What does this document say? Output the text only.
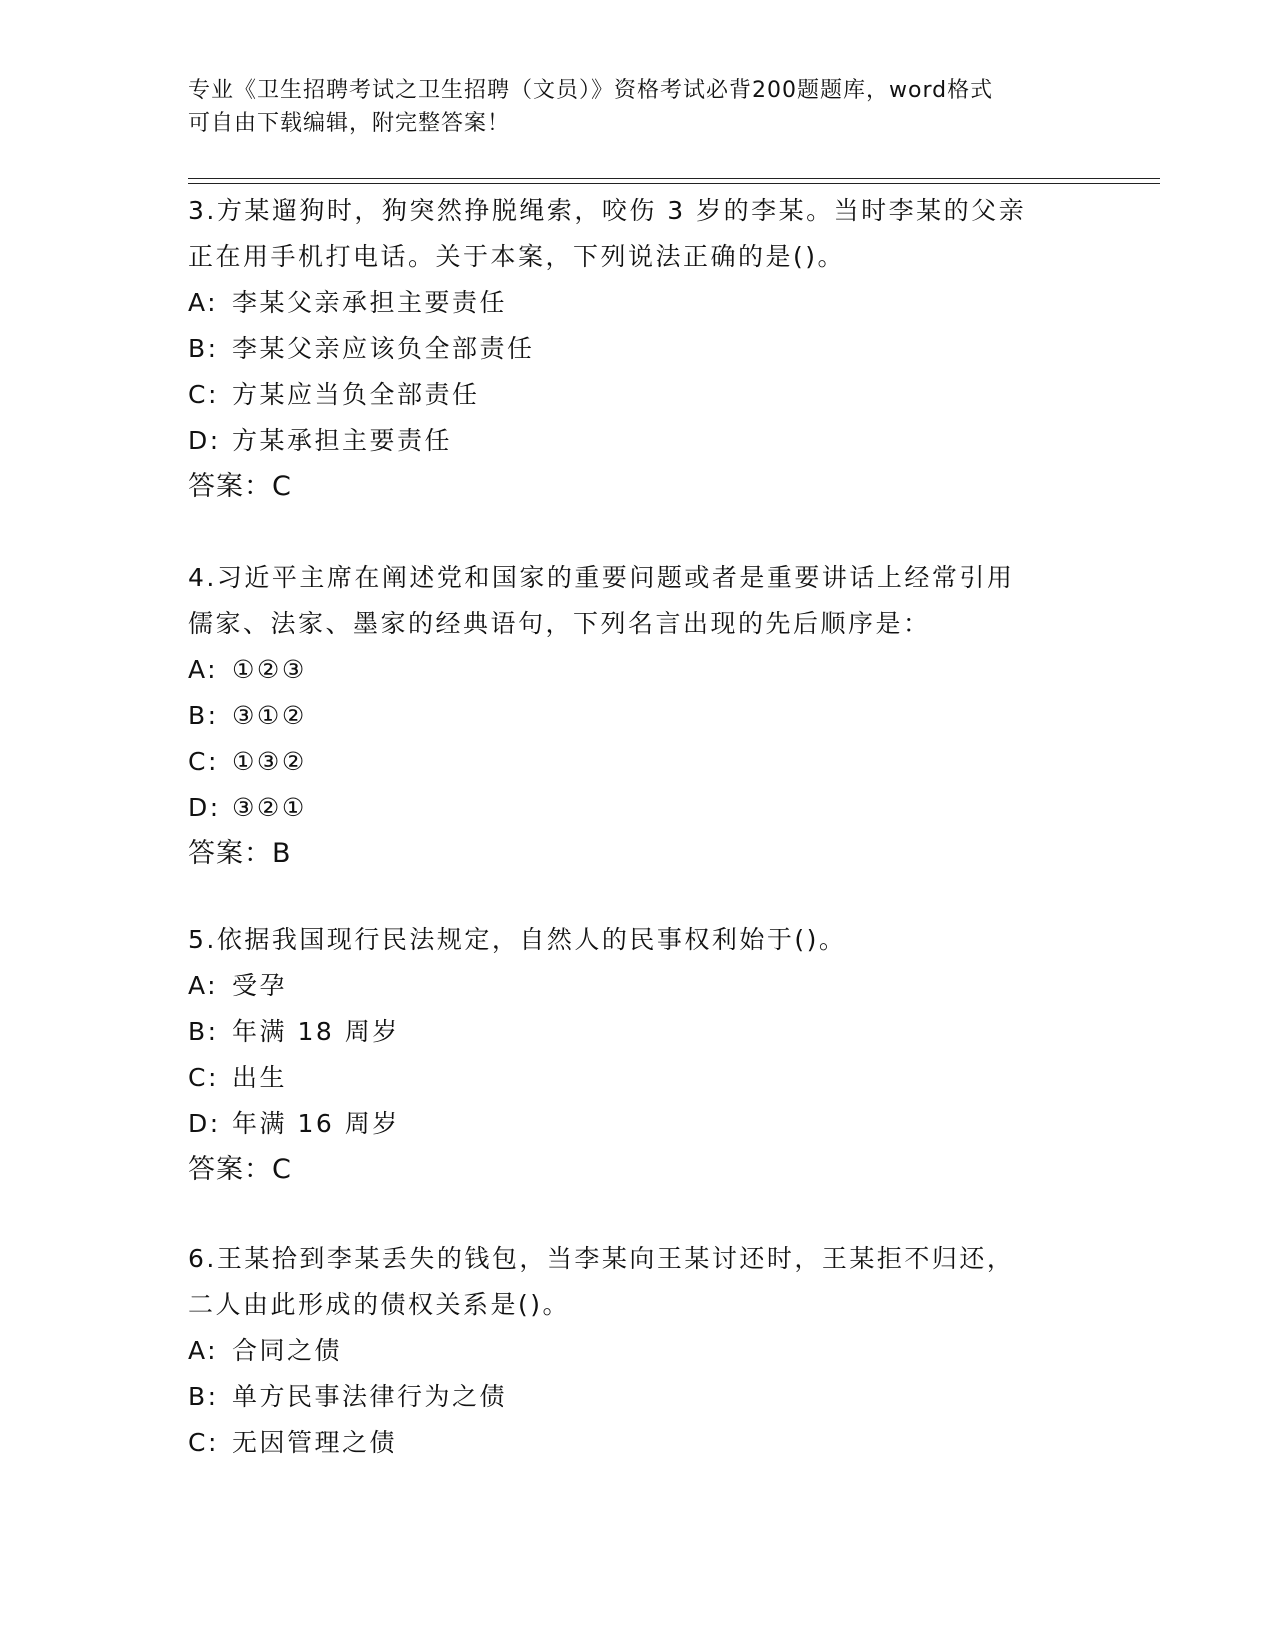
专业《卫生招聘考试之卫生招聘（文员）》资格考试必背200题题库，word格式
可自由下载编辑，附完整答案！
3.方某遛狗时，狗突然挣脱绳索，咬伤 3 岁的李某。当时李某的父亲
正在用手机打电话。关于本案，下列说法正确的是()。
A: 李某父亲承担主要责任
B: 李某父亲应该负全部责任
C: 方某应当负全部责任
D: 方某承担主要责任
答案：C
4.习近平主席在阐述党和国家的重要问题或者是重要讲话上经常引用
儒家、法家、墨家的经典语句，下列名言出现的先后顺序是：
A: ①②③
B: ③①②
C: ①③②
D: ③②①
答案：B
5.依据我国现行民法规定，自然人的民事权利始于()。
A: 受孕
B: 年满 18 周岁
C: 出生
D: 年满 16 周岁
答案：C
6.王某拾到李某丢失的钱包，当李某向王某讨还时，王某拒不归还，
二人由此形成的债权关系是()。
A: 合同之债
B: 单方民事法律行为之债
C: 无因管理之债
